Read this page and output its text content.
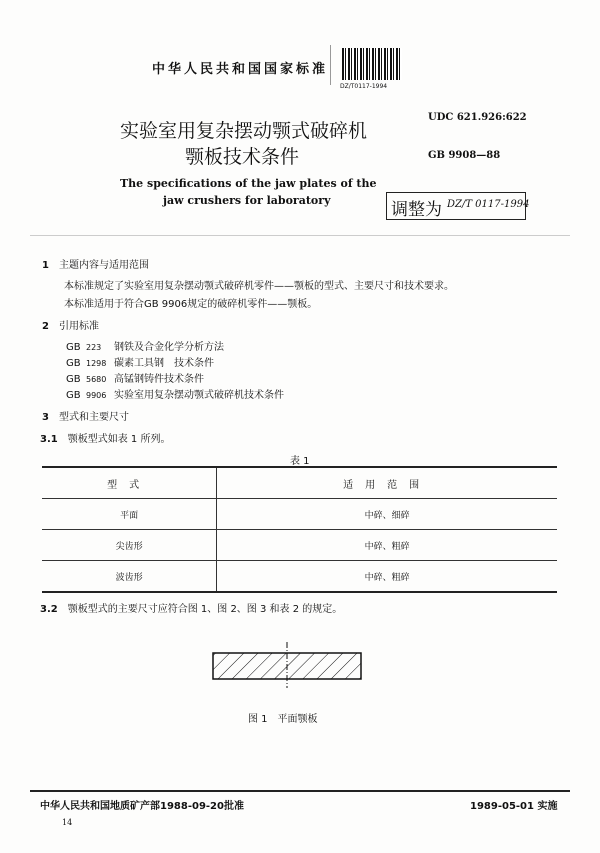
中华人民共和国国家标准
DZ/T0117-1994
UDC 621.926:622
GB 9908—88
实验室用复杂摆动颚式破碎机
颚板技术条件
The specifications of the jaw plates of the
jaw crushers for laboratory	调整为 DZ/T 0117-1994
1　 主题内容与适用范围
本标准规定了实验室用复杂摆动颚式破碎机零件——颚板的型式、主要尺寸和技术要求。
本标准适用于符合GB 9906规定的破碎机零件——颚板。
2　 引用标准
GB 223 钢铁及合金化学分析方法
GB 1298 碳素工具钢　技术条件
GB 5680 高锰钢铸件技术条件
GB 9906 实验室用复杂摆动颚式破碎机技术条件
3　 型式和主要尺寸
3.1　 颚板型式如表 1 所列。
表 1
型式	适用范围
平面	中碎、细碎
尖齿形	中碎、粗碎
波齿形	中碎、粗碎
3.2　 颚板型式的主要尺寸应符合图 1、图 2、图 3 和表 2 的规定。
图 1　平面颚板
中华人民共和国地质矿产部1988-09-20批准	1989-05-01 实施
14
